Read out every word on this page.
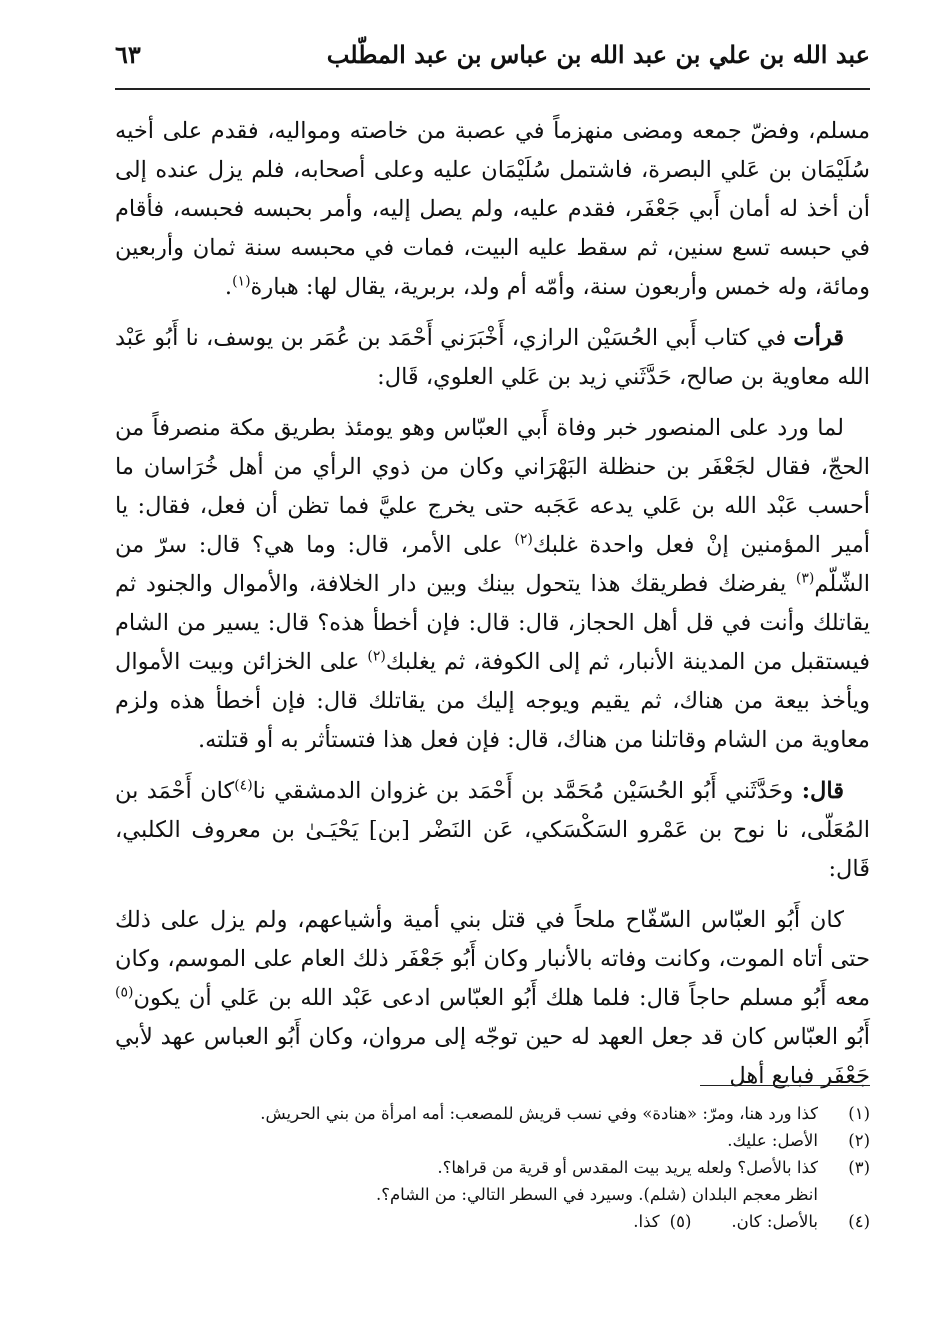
عبد الله بن علي بن عبد الله بن عباس بن عبد المطّلب
٦٣

مسلم، وفضّ جمعه ومضى منهزماً في عصبة من خاصته ومواليه، فقدم على أخيه سُلَيْمَان بن عَلي البصرة، فاشتمل سُلَيْمَان عليه وعلى أصحابه، فلم يزل عنده إلى أن أخذ له أمان أَبي جَعْفَر، فقدم عليه، ولم يصل إليه، وأمر بحبسه فحبسه، فأقام في حبسه تسع سنين، ثم سقط عليه البيت، فمات في محبسه سنة ثمان وأربعين ومائة، وله خمس وأربعون سنة، وأمّه أم ولد، بربرية، يقال لها: هبارة$^{(١)}$.

قرأت في كتاب أَبي الحُسَيْن الرازي، أَخْبَرَني أَحْمَد بن عُمَر بن يوسف، نا أَبُو عَبْد الله معاوية بن صالح، حَدَّثَني زيد بن عَلي العلوي، قَال:

لما ورد على المنصور خبر وفاة أَبي العبّاس وهو يومئذ بطريق مكة منصرفاً من الحجّ، فقال لجَعْفَر بن حنظلة البَهْرَاني وكان من ذوي الرأي من أهل خُرَاسان ما أحسب عَبْد الله بن عَلي يدعه عَجَبه حتى يخرج عليَّ فما تظن أن فعل، فقال: يا أمير المؤمنين إنْ فعل واحدة غلبك$^{(٢)}$ على الأمر، قال: وما هي؟ قال: سرّ من الشّلّم$^{(٣)}$ يفرضك فطريقك هذا يتحول بينك وبين دار الخلافة، والأموال والجنود ثم يقاتلك وأنت في قل أهل الحجاز، قال: قال: فإن أخطأ هذه؟ قال: يسير من الشام فيستقبل من المدينة الأنبار، ثم إلى الكوفة، ثم يغلبك$^{(٢)}$ على الخزائن وبيت الأموال ويأخذ بيعة من هناك، ثم يقيم ويوجه إليك من يقاتلك قال: فإن أخطأ هذه ولزم معاوية من الشام وقاتلنا من هناك، قال: فإن فعل هذا فتستأثر به أو قتلته.

قال: وحَدَّثَني أَبُو الحُسَيْن مُحَمَّد بن أَحْمَد بن غزوان الدمشقي نا$^{(٤)}$كان أَحْمَد بن المُعَلّى، نا نوح بن عَمْرو السَكْسَكي، عَن النَضْر [بن] يَحْيَـىٰ بن معروف الكلبي، قَال:

كان أَبُو العبّاس السّفّاح ملحاً في قتل بني أمية وأشياعهم، ولم يزل على ذلك حتى أتاه الموت، وكانت وفاته بالأنبار وكان أَبُو جَعْفَر ذلك العام على الموسم، وكان معه أَبُو مسلم حاجاً قال: فلما هلك أَبُو العبّاس ادعى عَبْد الله بن عَلي أن يكون$^{(٥)}$ أَبُو العبّاس كان قد جعل العهد له حين توجّه إلى مروان، وكان أَبُو العباس عهد لأبي جَعْفَر فبايع أهل

(١)كذا ورد هنا، ومرّ: «هنادة» وفي نسب قريش للمصعب: أمه امرأة من بني الحريش.

(٢)الأصل: عليك.

(٣)كذا بالأصل؟ ولعله يريد بيت المقدس أو قرية من قراها؟.

انظر معجم البلدان (شلم). وسيرد في السطر التالي: من الشام؟.

(٤)بالأصل: كان.(٥)كذا.
